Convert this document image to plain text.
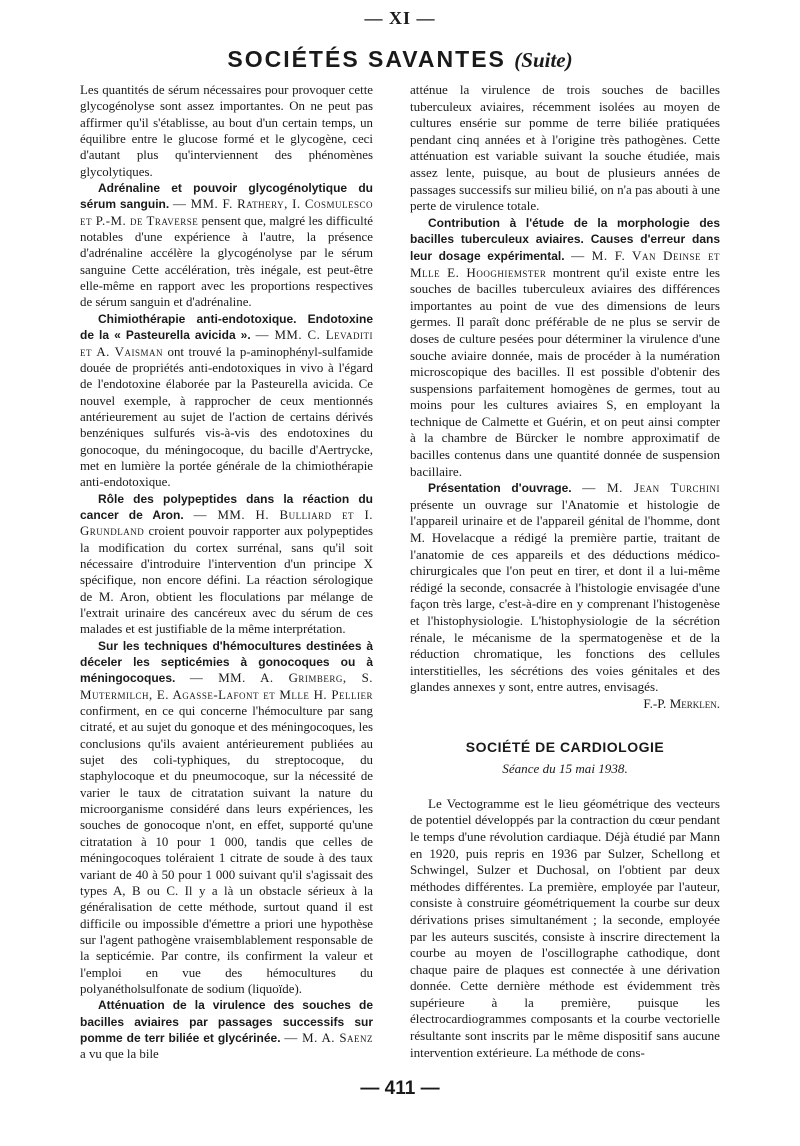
— XI —
SOCIÉTÉS SAVANTES (Suite)

Les quantités de sérum nécessaires pour provoquer cette glycogénolyse sont assez importantes. On ne peut pas affirmer qu'il s'établisse, au bout d'un certain temps, un équilibre entre le glucose formé et le glycogène, ceci d'autant plus qu'interviennent des phénomènes glycolytiques.

Adrénaline et pouvoir glycogénolytique du sérum sanguin. — MM. F. Rathery, I. Cosmulesco et P.-M. de Traverse pensent que, malgré les difficulté notables d'une expérience à l'autre, la présence d'adrénaline accélère la glycogénolyse par le sérum sanguine Cette accélération, très inégale, est peut-être elle-même en rapport avec les proportions respectives de sérum sanguin et d'adrénaline.

Chimiothérapie anti-endotoxique. Endotoxine de la « Pasteurella avicida ». — MM. C. Levaditi et A. Vaisman ont trouvé la p-aminophényl-sulfamide douée de propriétés anti-endotoxiques in vivo à l'égard de l'endotoxine élaborée par la Pasteurella avicida. Ce nouvel exemple, à rapprocher de ceux mentionnés antérieurement au sujet de l'action de certains dérivés benzéniques sulfurés vis-à-vis des endotoxines du gonocoque, du méningocoque, du bacille d'Aertrycke, met en lumière la portée générale de la chimiothérapie anti-endotoxique.

Rôle des polypeptides dans la réaction du cancer de Aron. — MM. H. Bulliard et I. Grundland croient pouvoir rapporter aux polypeptides la modification du cortex surrénal, sans qu'il soit nécessaire d'introduire l'intervention d'un principe X spécifique, non encore défini. La réaction sérologique de M. Aron, obtient les floculations par mélange de l'extrait urinaire des cancéreux avec du sérum de ces malades et est justifiable de la même interprétation.

Sur les techniques d'hémocultures destinées à déceler les septicémies à gonocoques ou à méningocoques. — MM. A. Grimberg, S. Mutermilch, E. Agasse-Lafont et Mlle H. Pellier confirment, en ce qui concerne l'hémoculture par sang citraté, et au sujet du gonoque et des méningocoques, les conclusions qu'ils avaient antérieurement publiées au sujet des coli-typhiques, du streptocoque, du staphylocoque et du pneumocoque, sur la nécessité de varier le taux de citratation suivant la nature du microorganisme considéré dans leurs expériences, les souches de gonocoque n'ont, en effet, supporté qu'une citratation à 10 pour 1 000, tandis que celles de méningocoques toléraient 1 citrate de soude à des taux variant de 40 à 50 pour 1 000 suivant qu'il s'agissait des types A, B ou C. Il y a là un obstacle sérieux à la généralisation de cette méthode, surtout quand il est difficile ou impossible d'émettre a priori une hypothèse sur l'agent pathogène vraisemblablement responsable de la septicémie. Par contre, ils confirment la valeur et l'emploi en vue des hémocultures du polyanétholsulfonate de sodium (liquoïde).

Atténuation de la virulence des souches de bacilles aviaires par passages successifs sur pomme de terr biliée et glycérinée. — M. A. Saenz a vu que la bile

atténue la virulence de trois souches de bacilles tuberculeux aviaires, récemment isolées au moyen de cultures ensérie sur pomme de terre biliée pratiquées pendant cinq années et à l'origine très pathogènes. Cette atténuation est variable suivant la souche étudiée, mais assez lente, puisque, au bout de plusieurs années de passages successifs sur milieu bilié, on n'a pas abouti à une perte de virulence totale.

Contribution à l'étude de la morphologie des bacilles tuberculeux aviaires. Causes d'erreur dans leur dosage expérimental. — M. F. Van Deinse et Mlle E. Hooghiemster montrent qu'il existe entre les souches de bacilles tuberculeux aviaires des différences importantes au point de vue des dimensions de leurs germes. Il paraît donc préférable de ne plus se servir de doses de culture pesées pour déterminer la virulence d'une souche aviaire donnée, mais de procéder à la numération microscopique des bacilles. Il est possible d'obtenir des suspensions parfaitement homogènes de germes, tout au moins pour les cultures aviaires S, en employant la technique de Calmette et Guérin, et on peut ainsi compter à la chambre de Bürcker le nombre approximatif de bacilles contenus dans une quantité donnée de suspension bacillaire.

Présentation d'ouvrage. — M. Jean Turchini présente un ouvrage sur l'Anatomie et histologie de l'appareil urinaire et de l'appareil génital de l'homme, dont M. Hovelacque a rédigé la première partie, traitant de l'anatomie de ces appareils et des déductions médico-chirurgicales que l'on peut en tirer, et dont il a lui-même rédigé la seconde, consacrée à l'histologie envisagée d'une façon très large, c'est-à-dire en y comprenant l'histogenèse et l'histophysiologie. L'histophysiologie de la sécrétion rénale, le mécanisme de la spermatogenèse et de la réduction chromatique, les fonctions des cellules interstitielles, les sécrétions des voies génitales et des glandes annexes y sont, entre autres, envisagés.

F.-P. Merklen.

SOCIÉTÉ DE CARDIOLOGIE
Séance du 15 mai 1938.

Le Vectogramme est le lieu géométrique des vecteurs de potentiel développés par la contraction du cœur pendant le temps d'une révolution cardiaque. Déjà étudié par Mann en 1920, puis repris en 1936 par Sulzer, Schellong et Schwingel, Sulzer et Duchosal, on l'obtient par deux méthodes différentes. La première, employée par l'auteur, consiste à construire géométriquement la courbe sur deux dérivations prises simultanément ; la seconde, employée par les auteurs suscités, consiste à inscrire directement la courbe au moyen de l'oscillographe cathodique, dont chaque paire de plaques est connectée à une dérivation donnée. Cette dernière méthode est évidemment très supérieure à la première, puisque les électrocardiogrammes composants et la courbe vectorielle résultante sont inscrits par le même dispositif sans aucune intervention extérieure. La méthode de cons-

— 411 —
